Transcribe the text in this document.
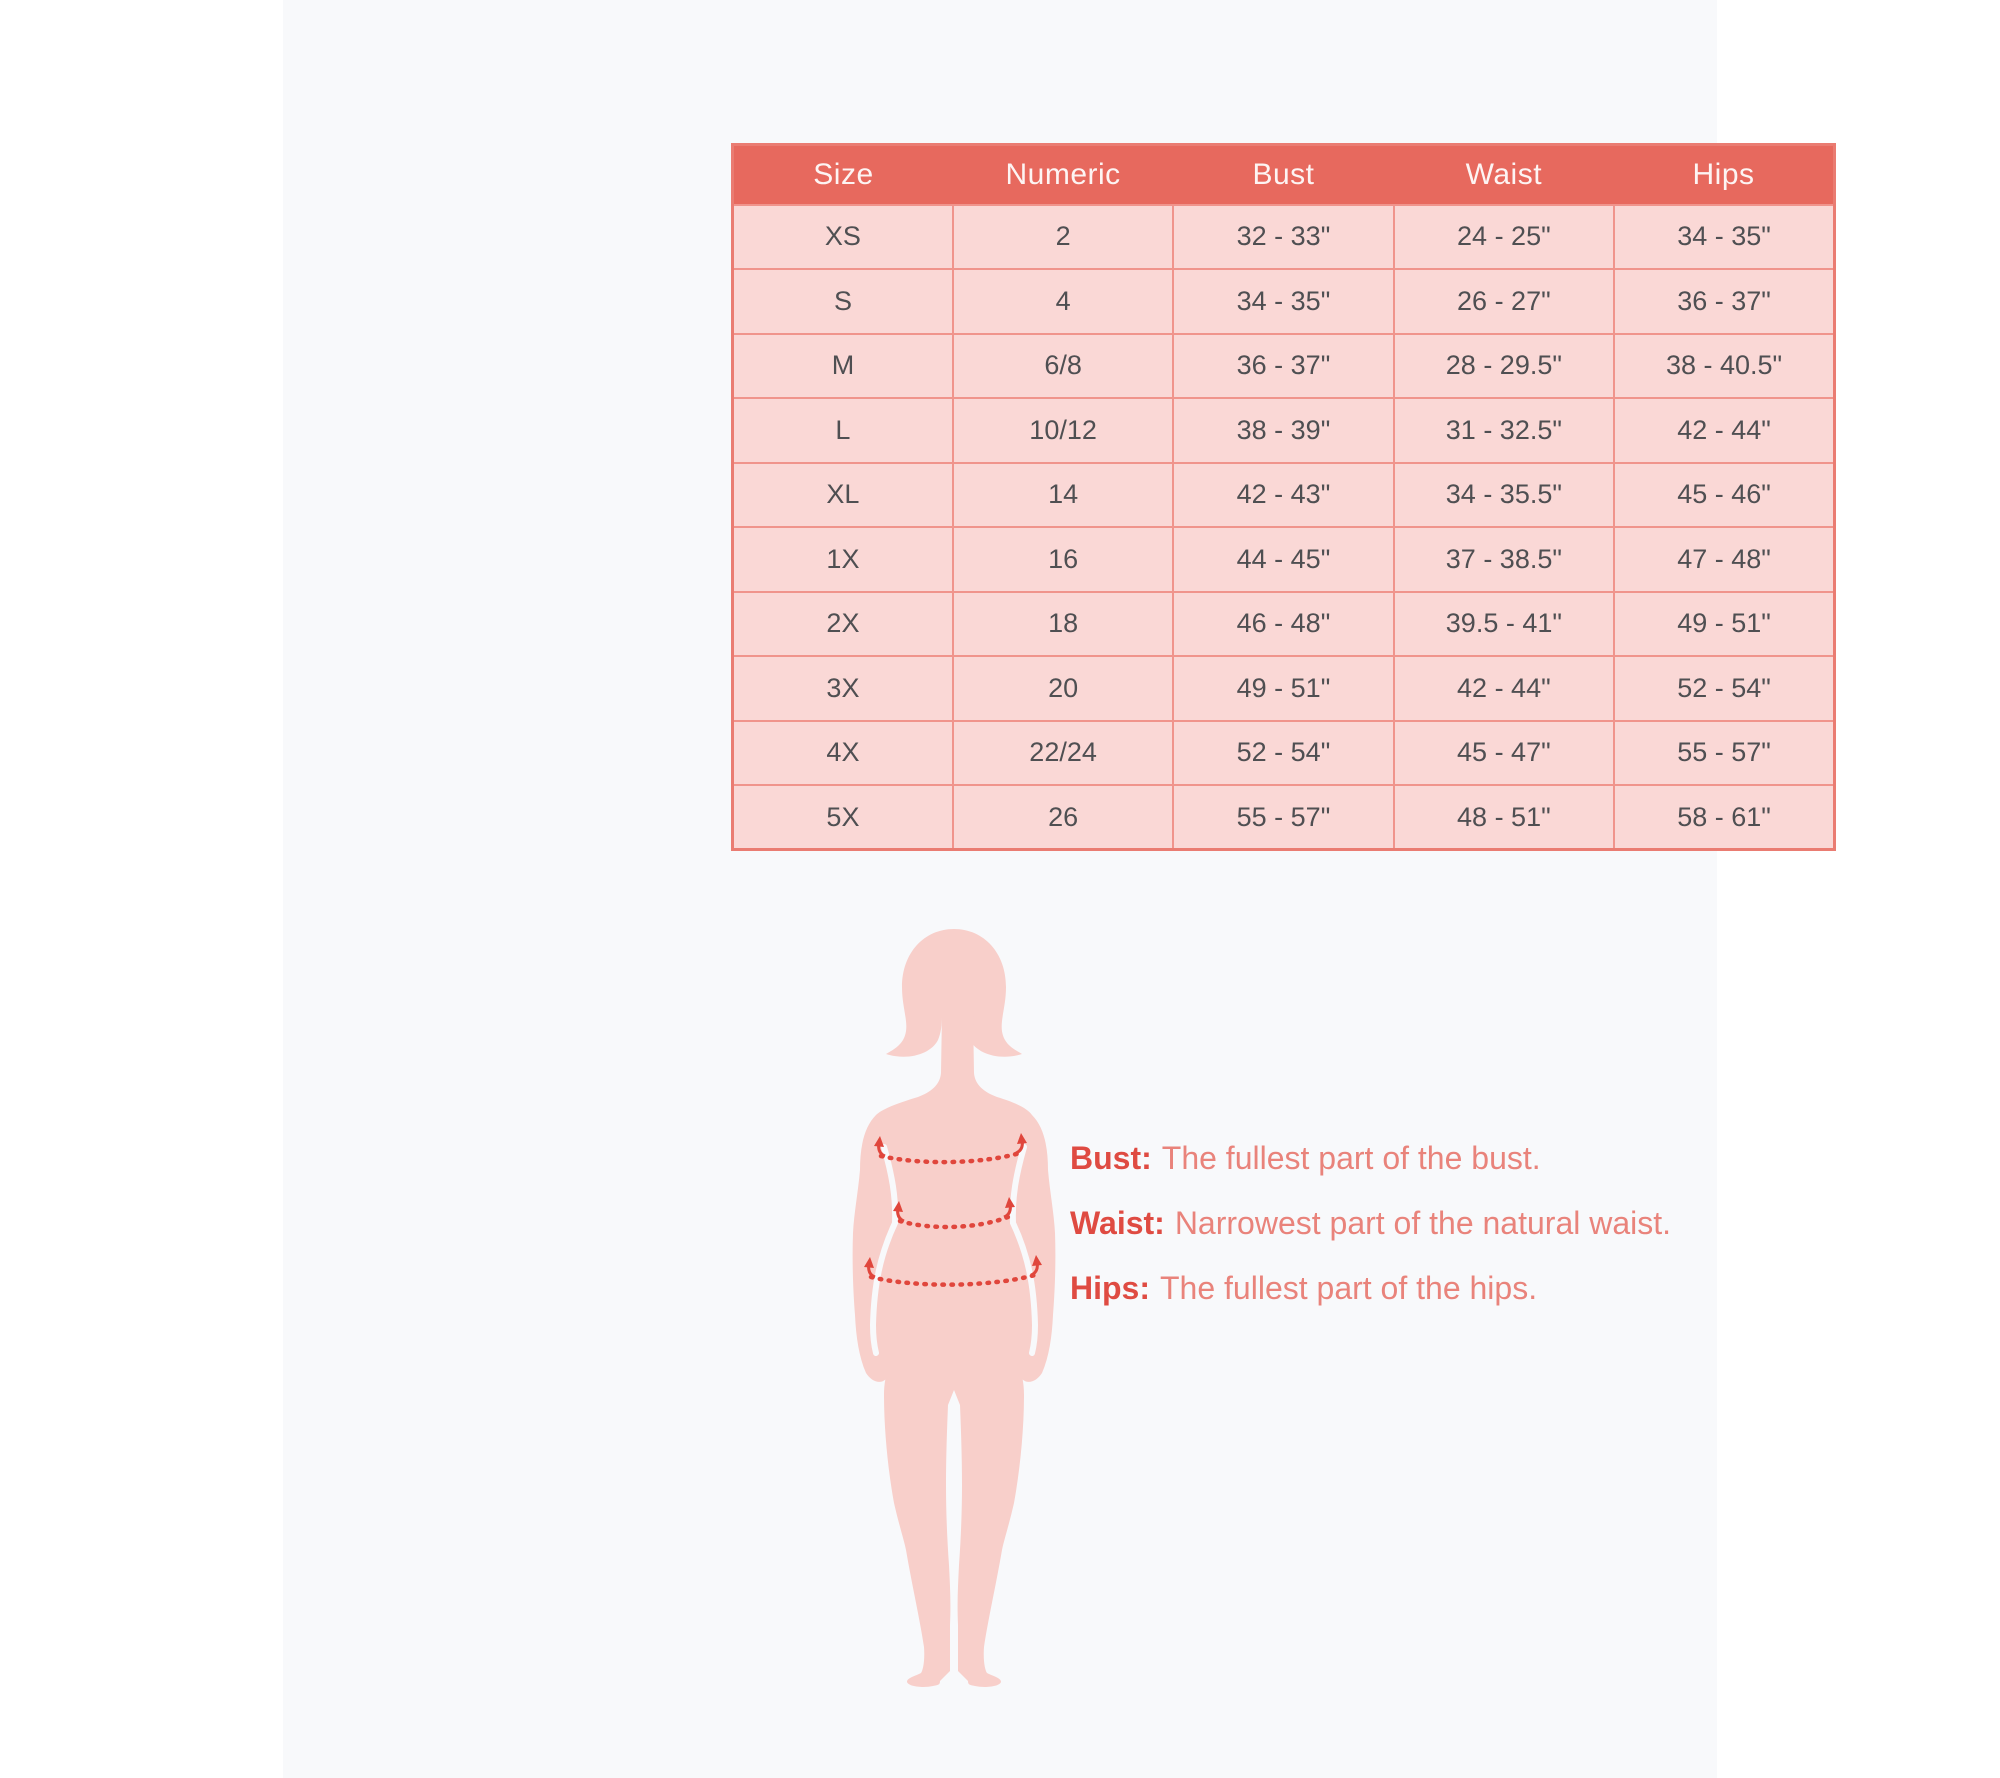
Size	Numeric	Bust	Waist	Hips
XS	2	32 - 33"	24 - 25"	34 - 35"
S	4	34 - 35"	26 - 27"	36 - 37"
M	6/8	36 - 37"	28 - 29.5"	38 - 40.5"
L	10/12	38 - 39"	31 - 32.5"	42 - 44"
XL	14	42 - 43"	34 - 35.5"	45 - 46"
1X	16	44 - 45"	37 - 38.5"	47 - 48"
2X	18	46 - 48"	39.5 - 41"	49 - 51"
3X	20	49 - 51"	42 - 44"	52 - 54"
4X	22/24	52 - 54"	45 - 47"	55 - 57"
5X	26	55 - 57"	48 - 51"	58 - 61"
Bust: The fullest part of the bust.
Waist: Narrowest part of the natural waist.
Hips: The fullest part of the hips.
